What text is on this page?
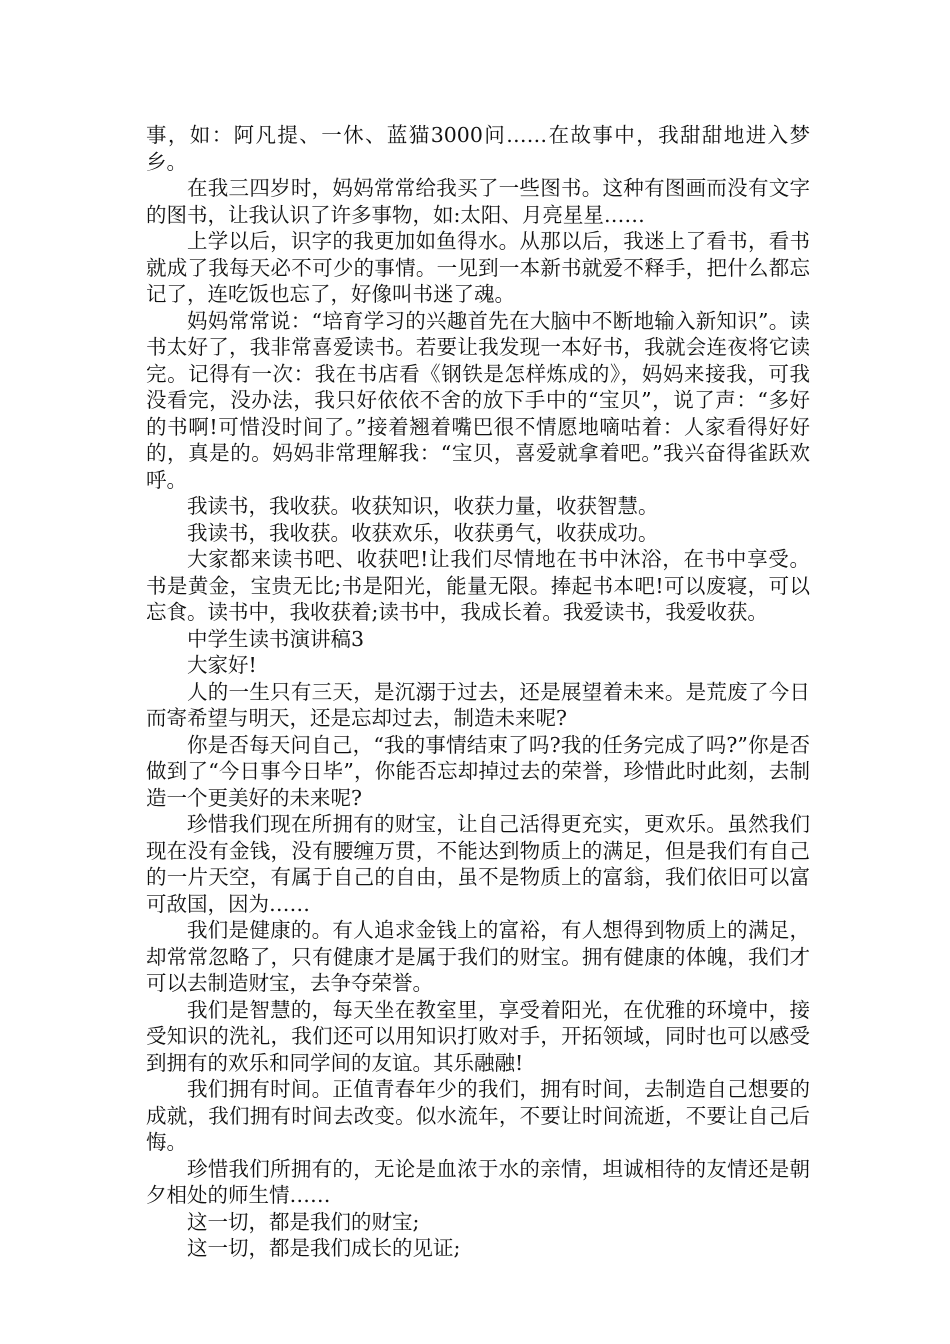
事，如：阿凡提、一休、蓝猫3000问……在故事中，我甜甜地进入梦乡。

在我三四岁时，妈妈常常给我买了一些图书。这种有图画而没有文字的图书，让我认识了许多事物，如:太阳、月亮星星……

上学以后，识字的我更加如鱼得水。从那以后，我迷上了看书，看书就成了我每天必不可少的事情。一见到一本新书就爱不释手，把什么都忘记了，连吃饭也忘了，好像叫书迷了魂。

妈妈常常说：“培育学习的兴趣首先在大脑中不断地输入新知识”。读书太好了，我非常喜爱读书。若要让我发现一本好书，我就会连夜将它读完。记得有一次：我在书店看《钢铁是怎样炼成的》，妈妈来接我，可我没看完，没办法，我只好依依不舍的放下手中的“宝贝”，说了声：“多好的书啊!可惜没时间了。”接着翘着嘴巴很不情愿地嘀咕着：人家看得好好的，真是的。妈妈非常理解我：“宝贝，喜爱就拿着吧。”我兴奋得雀跃欢呼。

我读书，我收获。收获知识，收获力量，收获智慧。

我读书，我收获。收获欢乐，收获勇气，收获成功。

大家都来读书吧、收获吧!让我们尽情地在书中沐浴，在书中享受。书是黄金，宝贵无比;书是阳光，能量无限。捧起书本吧!可以废寝，可以忘食。读书中，我收获着;读书中，我成长着。我爱读书，我爱收获。

中学生读书演讲稿3

大家好!

人的一生只有三天，是沉溺于过去，还是展望着未来。是荒废了今日而寄希望与明天，还是忘却过去，制造未来呢?

你是否每天问自己，“我的事情结束了吗?我的任务完成了吗?”你是否做到了“今日事今日毕”，你能否忘却掉过去的荣誉，珍惜此时此刻，去制造一个更美好的未来呢?

珍惜我们现在所拥有的财宝，让自己活得更充实，更欢乐。虽然我们现在没有金钱，没有腰缠万贯，不能达到物质上的满足，但是我们有自己的一片天空，有属于自己的自由，虽不是物质上的富翁，我们依旧可以富可敌国，因为……

我们是健康的。有人追求金钱上的富裕，有人想得到物质上的满足，却常常忽略了，只有健康才是属于我们的财宝。拥有健康的体魄，我们才可以去制造财宝，去争夺荣誉。

我们是智慧的，每天坐在教室里，享受着阳光，在优雅的环境中，接受知识的洗礼，我们还可以用知识打败对手，开拓领域，同时也可以感受到拥有的欢乐和同学间的友谊。其乐融融!

我们拥有时间。正值青春年少的我们，拥有时间，去制造自己想要的成就，我们拥有时间去改变。似水流年，不要让时间流逝，不要让自己后悔。

珍惜我们所拥有的，无论是血浓于水的亲情，坦诚相待的友情还是朝夕相处的师生情……

这一切，都是我们的财宝;

这一切，都是我们成长的见证;
